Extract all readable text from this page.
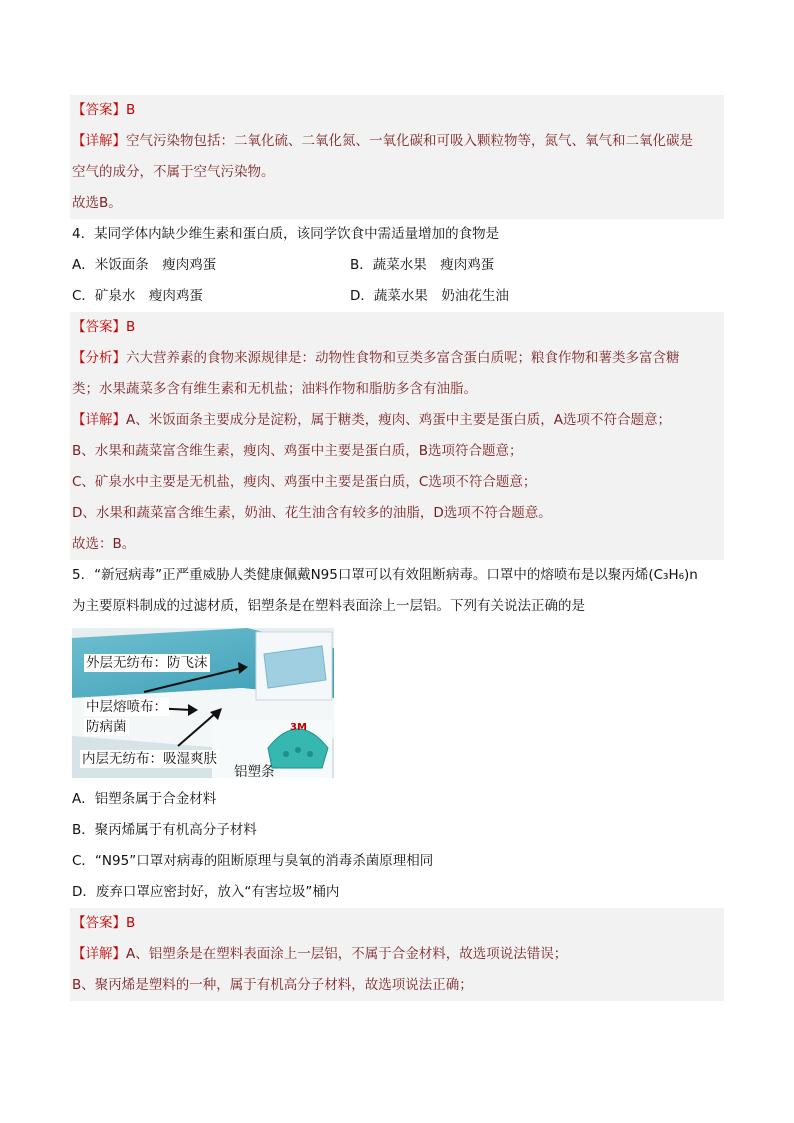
【答案】B
【详解】空气污染物包括：二氧化硫、二氧化氮、一氧化碳和可吸入颗粒物等，氮气、氧气和二氧化碳是
空气的成分，不属于空气污染物。
故选B。
4．某同学体内缺少维生素和蛋白质，该同学饮食中需适量增加的食物是
A．米饭面条　瘦肉鸡蛋	B．蔬菜水果　瘦肉鸡蛋
C．矿泉水　瘦肉鸡蛋	D．蔬菜水果　奶油花生油
【答案】B
【分析】六大营养素的食物来源规律是：动物性食物和豆类多富含蛋白质呢；粮食作物和薯类多富含糖
类；水果蔬菜多含有维生素和无机盐；油料作物和脂肪多含有油脂。
【详解】A、米饭面条主要成分是淀粉，属于糖类，瘦肉、鸡蛋中主要是蛋白质，A选项不符合题意；
B、水果和蔬菜富含维生素，瘦肉、鸡蛋中主要是蛋白质，B选项符合题意；
C、矿泉水中主要是无机盐，瘦肉、鸡蛋中主要是蛋白质，C选项不符合题意；
D、水果和蔬菜富含维生素，奶油、花生油含有较多的油脂，D选项不符合题意。
故选：B。
5．“新冠病毒”正严重威胁人类健康佩戴N95口罩可以有效阻断病毒。口罩中的熔喷布是以聚丙烯(C₃H₆)n
为主要原料制成的过滤材质，铝塑条是在塑料表面涂上一层铝。下列有关说法正确的是
外层无纺布：防飞沫
中层熔喷布：
防病菌
内层无纺布：吸湿爽肤
铝塑条
3M
A．铝塑条属于合金材料
B．聚丙烯属于有机高分子材料
C．“N95”口罩对病毒的阻断原理与臭氧的消毒杀菌原理相同
D．废弃口罩应密封好，放入“有害垃圾”桶内
【答案】B
【详解】A、铝塑条是在塑料表面涂上一层铝，不属于合金材料，故选项说法错误；
B、聚丙烯是塑料的一种，属于有机高分子材料，故选项说法正确；
